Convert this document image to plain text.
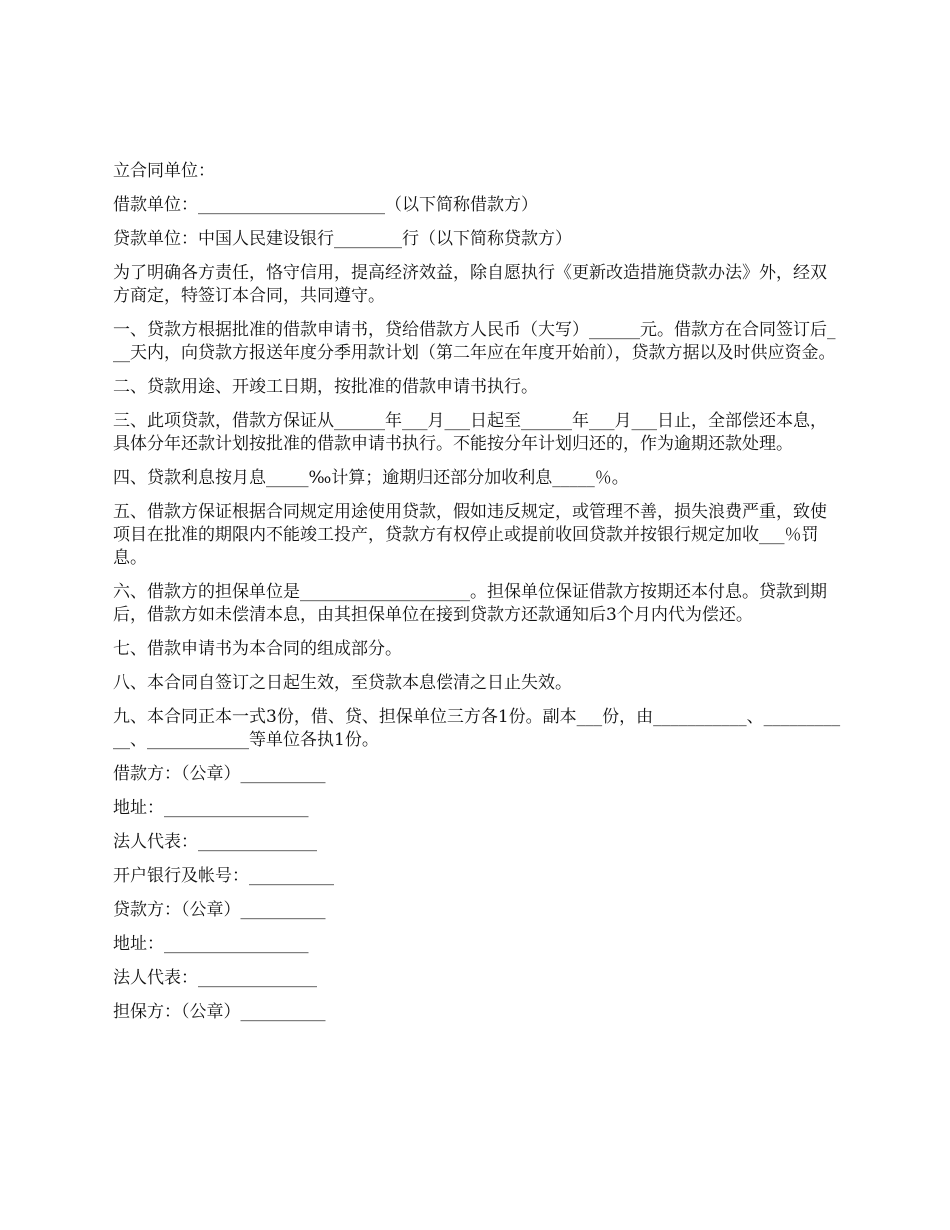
立合同单位：

借款单位：______________________（以下简称借款方）

贷款单位：中国人民建设银行________行（以下简称贷款方）

为了明确各方责任，恪守信用，提高经济效益，除自愿执行《更新改造措施贷款办法》外，经双方商定，特签订本合同，共同遵守。

一、贷款方根据批准的借款申请书，贷给借款方人民币（大写）______元。借款方在合同签订后___天内，向贷款方报送年度分季用款计划（第二年应在年度开始前），贷款方据以及时供应资金。

二、贷款用途、开竣工日期，按批准的借款申请书执行。

三、此项贷款，借款方保证从______年___月___日起至______年___月___日止，全部偿还本息，具体分年还款计划按批准的借款申请书执行。不能按分年计划归还的，作为逾期还款处理。

四、贷款利息按月息_____‰计算；逾期归还部分加收利息_____％。

五、借款方保证根据合同规定用途使用贷款，假如违反规定，或管理不善，损失浪费严重，致使项目在批准的期限内不能竣工投产，贷款方有权停止或提前收回贷款并按银行规定加收___％罚息。

六、借款方的担保单位是____________________。担保单位保证借款方按期还本付息。贷款到期后，借款方如未偿清本息，由其担保单位在接到贷款方还款通知后3个月内代为偿还。

七、借款申请书为本合同的组成部分。

八、本合同自签订之日起生效，至贷款本息偿清之日止失效。

九、本合同正本一式3份，借、贷、担保单位三方各1份。副本___份，由___________、___________、____________等单位各执1份。

借款方：（公章）__________

地址：_________________

法人代表：______________

开户银行及帐号：__________

贷款方：（公章）__________

地址：_________________

法人代表：______________

担保方：（公章）__________
